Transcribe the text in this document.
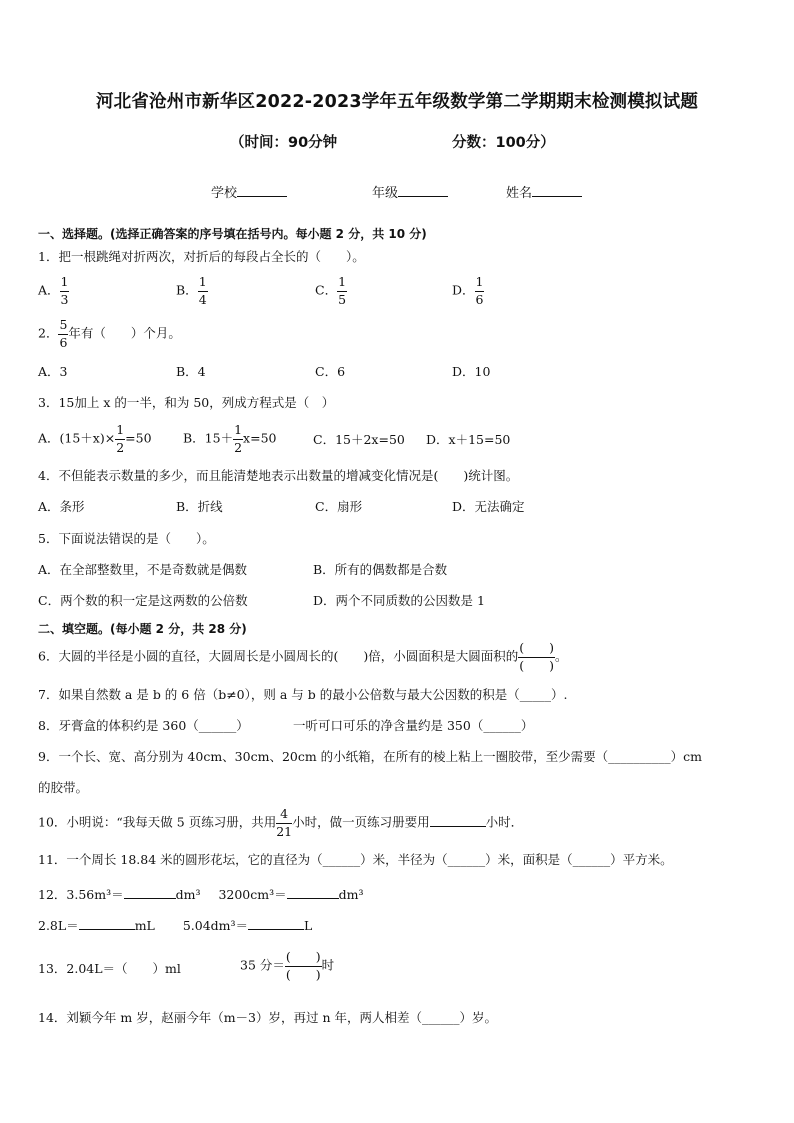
河北省沧州市新华区2022-2023学年五年级数学第二学期期末检测模拟试题
（时间：90分钟	分数：100分）
学校	年级	姓名
一、选择题。(选择正确答案的序号填在括号内。每小题 2 分，共 10 分)
1．把一根跳绳对折两次，对折后的每段占全长的（　　）。
A． $\frac{1}{3}$	B． $\frac{1}{4}$	C． $\frac{1}{5}$	D． $\frac{1}{6}$
2． $\frac{5}{6}$ 年有（　　）个月。
A．3	B．4	C．6	D．10
3．15加上 x 的一半，和为 50，列成方程式是（　）
A．$(15+x)\times \frac{1}{2} =50$	B．$15+ \frac{1}{2} x=50$	C．15＋2x=50 D．x＋15=50
4．不但能表示数量的多少，而且能清楚地表示出数量的增减变化情况是(　　)统计图。
A．条形	B．折线	C．扇形	D．无法确定
5．下面说法错误的是（　　）。
A．在全部整数里，不是奇数就是偶数	B．所有的偶数都是合数
C．两个数的积一定是这两数的公倍数	D．两个不同质数的公因数是 1
二、填空题。(每小题 2 分，共 28 分)
6．大圆的半径是小圆的直径，大圆周长是小圆周长的(　　)倍，小圆面积是大圆面积的 $\frac{( )}{( )}$ 。
7．如果自然数 a 是 b 的 6 倍（b≠0），则 a 与 b 的最小公倍数与最大公因数的积是（_____）.
8．牙膏盒的体积约是 360（______）	一听可口可乐的净含量约是 350（______）
9．一个长、宽、高分别为 40cm、30cm、20cm 的小纸箱，在所有的棱上粘上一圈胶带，至少需要（__________）cm
的胶带。
10．小明说：“我每天做 5 页练习册，共用 $\frac{4}{21}$ 小时，做一页练习册要用	小时．
11．一个周长 18.84 米的圆形花坛，它的直径为（______）米，半径为（______）米，面积是（______）平方米。
12．3.56m³＝	dm³ 3200cm³＝	dm³
2.8L＝	mL 5.04dm³＝	L
13．2.04L＝（　　）ml	35 分＝ $\frac{( )}{( )}$ 时
14．刘颖今年 m 岁，赵丽今年（m－3）岁，再过 n 年，两人相差（______）岁。
